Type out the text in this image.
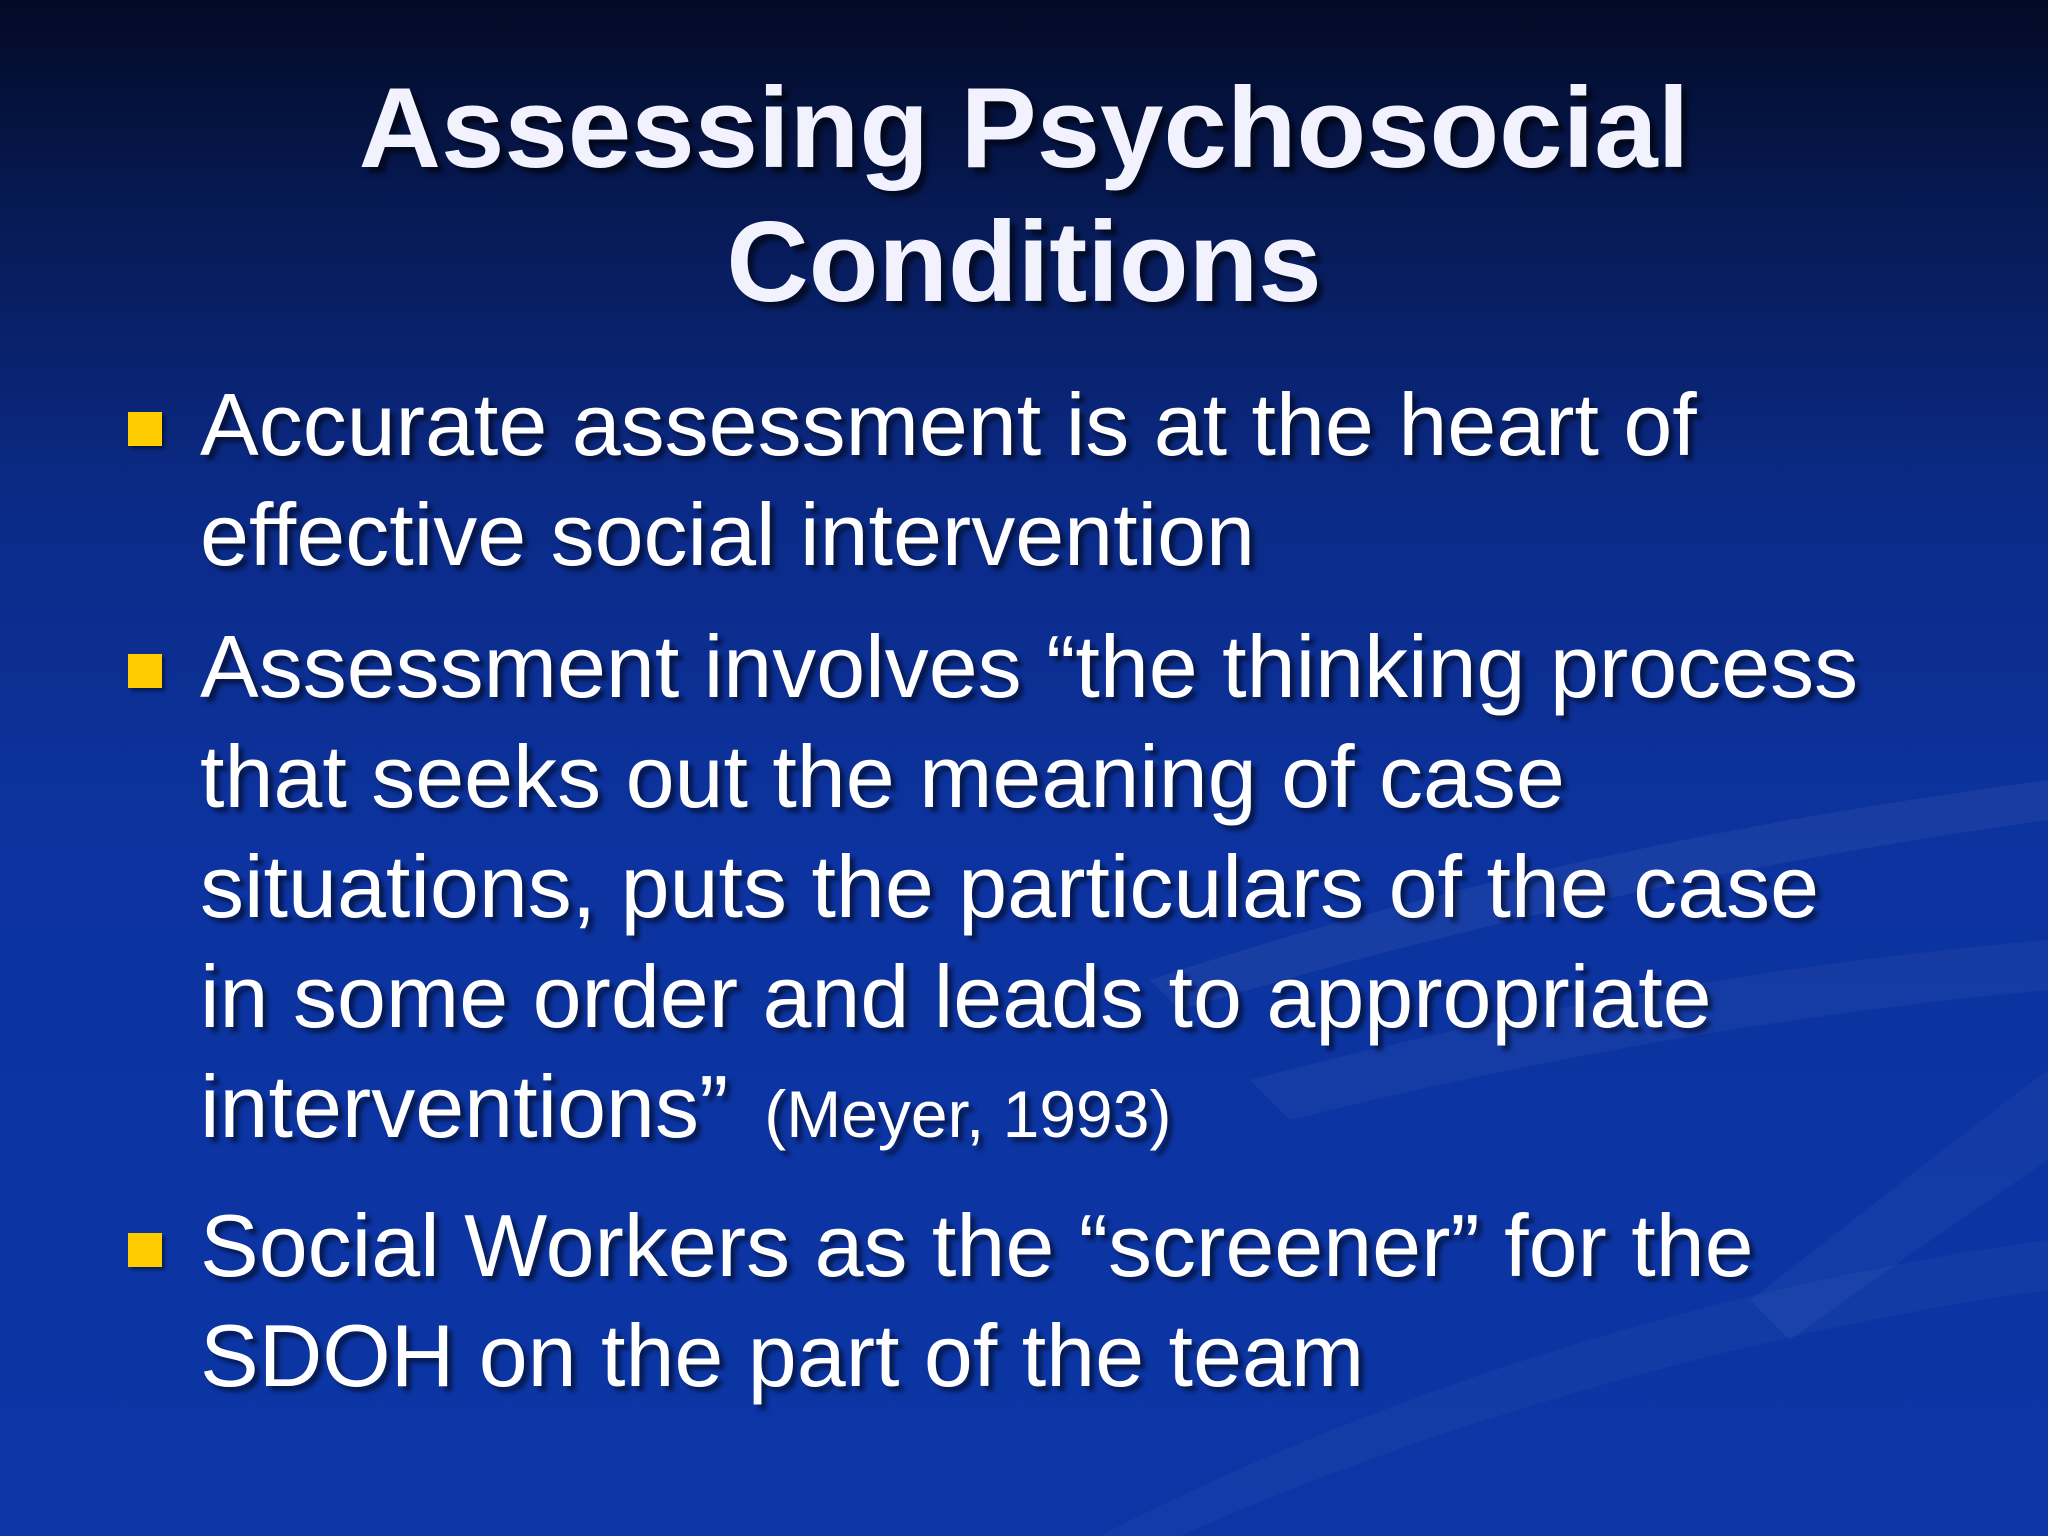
Assessing Psychosocial
Conditions
Accurate assessment is at the heart of
effective social intervention
Assessment involves “the thinking process
that seeks out the meaning of case
situations, puts the particulars of the case
in some order and leads to appropriate
interventions” (Meyer, 1993)
Social Workers as the “screener” for the
SDOH on the part of the team
